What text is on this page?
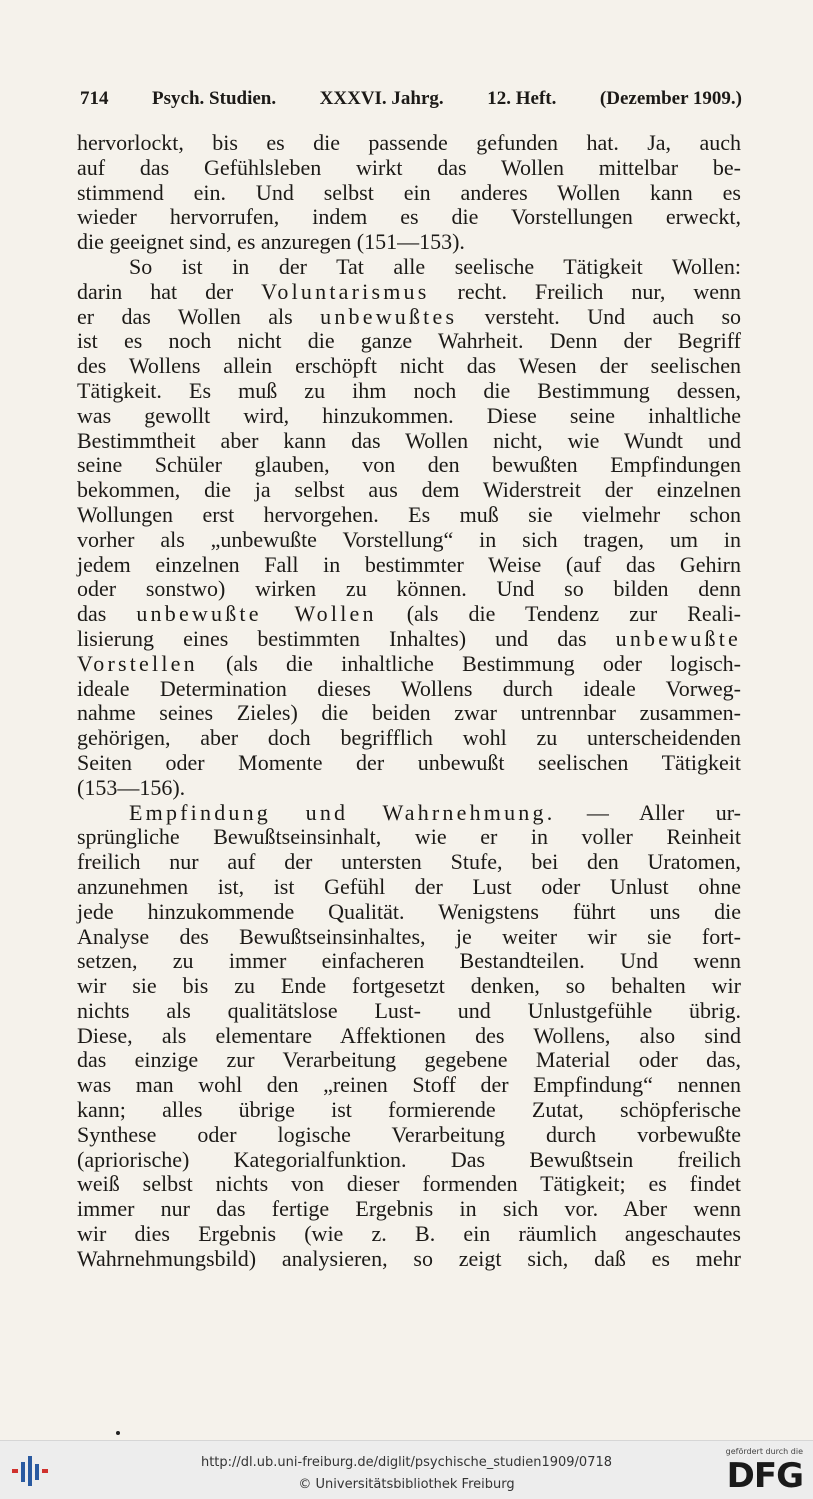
714 Psych. Studien. XXXVI. Jahrg. 12. Heft. (Dezember 1909.)
hervorlockt, bis es die passende gefunden hat. Ja, auch
auf das Gefühlsleben wirkt das Wollen mittelbar be-
stimmend ein. Und selbst ein anderes Wollen kann es
wieder hervorrufen, indem es die Vorstellungen erweckt,
die geeignet sind, es anzuregen (151—153).
So ist in der Tat alle seelische Tätigkeit Wollen:
darin hat der Voluntarismus recht. Freilich nur, wenn
er das Wollen als unbewußtes versteht. Und auch so
ist es noch nicht die ganze Wahrheit. Denn der Begriff
des Wollens allein erschöpft nicht das Wesen der seelischen
Tätigkeit. Es muß zu ihm noch die Bestimmung dessen,
was gewollt wird, hinzukommen. Diese seine inhaltliche
Bestimmtheit aber kann das Wollen nicht, wie Wundt und
seine Schüler glauben, von den bewußten Empfindungen
bekommen, die ja selbst aus dem Widerstreit der einzelnen
Wollungen erst hervorgehen. Es muß sie vielmehr schon
vorher als „unbewußte Vorstellung“ in sich tragen, um in
jedem einzelnen Fall in bestimmter Weise (auf das Gehirn
oder sonstwo) wirken zu können. Und so bilden denn
das unbewußte Wollen (als die Tendenz zur Reali-
lisierung eines bestimmten Inhaltes) und das unbewußte
Vorstellen (als die inhaltliche Bestimmung oder logisch-
ideale Determination dieses Wollens durch ideale Vorweg-
nahme seines Zieles) die beiden zwar untrennbar zusammen-
gehörigen, aber doch begrifflich wohl zu unterscheidenden
Seiten oder Momente der unbewußt seelischen Tätigkeit
(153—156).
Empfindung und Wahrnehmung. — Aller ur-
sprüngliche Bewußtseinsinhalt, wie er in voller Reinheit
freilich nur auf der untersten Stufe, bei den Uratomen,
anzunehmen ist, ist Gefühl der Lust oder Unlust ohne
jede hinzukommende Qualität. Wenigstens führt uns die
Analyse des Bewußtseinsinhaltes, je weiter wir sie fort-
setzen, zu immer einfacheren Bestandteilen. Und wenn
wir sie bis zu Ende fortgesetzt denken, so behalten wir
nichts als qualitätslose Lust- und Unlustgefühle übrig.
Diese, als elementare Affektionen des Wollens, also sind
das einzige zur Verarbeitung gegebene Material oder das,
was man wohl den „reinen Stoff der Empfindung“ nennen
kann; alles übrige ist formierende Zutat, schöpferische
Synthese oder logische Verarbeitung durch vorbewußte
(apriorische) Kategorialfunktion. Das Bewußtsein freilich
weiß selbst nichts von dieser formenden Tätigkeit; es findet
immer nur das fertige Ergebnis in sich vor. Aber wenn
wir dies Ergebnis (wie z. B. ein räumlich angeschautes
Wahrnehmungsbild) analysieren, so zeigt sich, daß es mehr
http://dl.ub.uni-freiburg.de/diglit/psychische_studien1909/0718
© Universitätsbibliothek Freiburg
gefördert durch die
DFG
